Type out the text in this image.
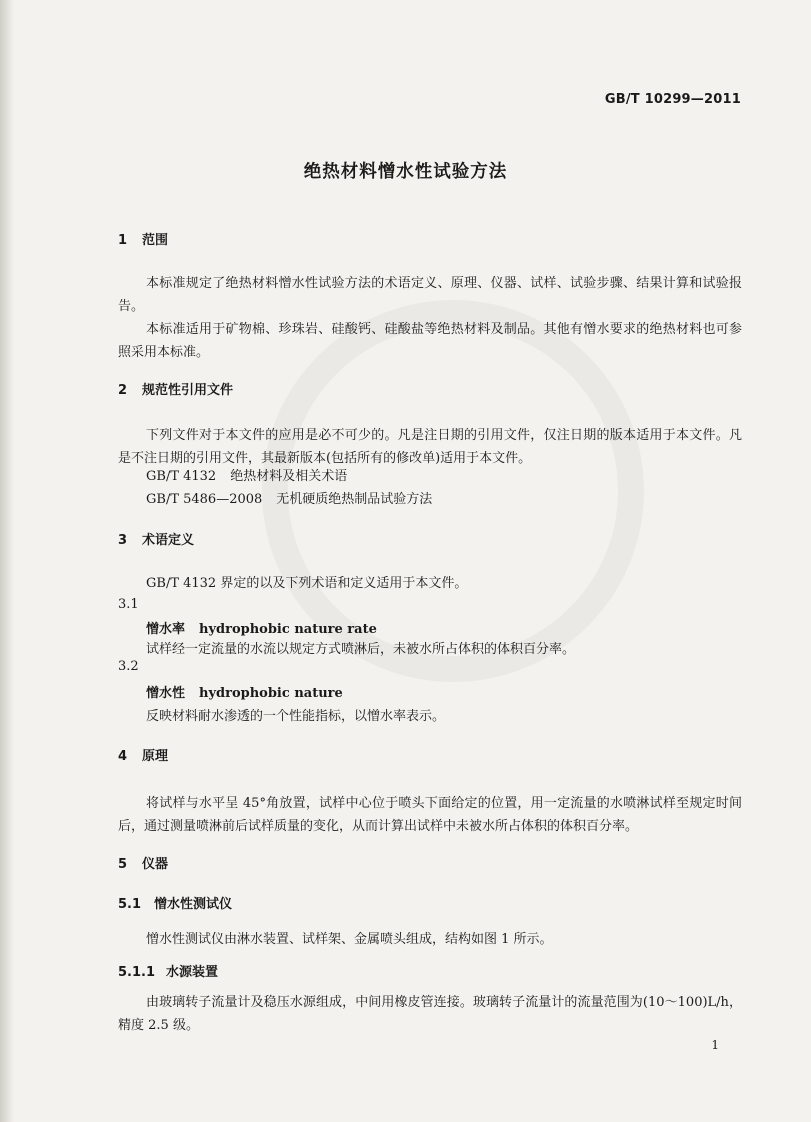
GB/T 10299—2011
绝热材料憎水性试验方法
1 范围
本标准规定了绝热材料憎水性试验方法的术语定义、原理、仪器、试样、试验步骤、结果计算和试验报告。
本标准适用于矿物棉、珍珠岩、硅酸钙、硅酸盐等绝热材料及制品。其他有憎水要求的绝热材料也可参照采用本标准。
2 规范性引用文件
下列文件对于本文件的应用是必不可少的。凡是注日期的引用文件，仅注日期的版本适用于本文件。凡是不注日期的引用文件，其最新版本(包括所有的修改单)适用于本文件。
GB/T 4132 绝热材料及相关术语
GB/T 5486—2008 无机硬质绝热制品试验方法
3 术语定义
GB/T 4132 界定的以及下列术语和定义适用于本文件。
3.1
憎水率 hydrophobic nature rate
试样经一定流量的水流以规定方式喷淋后，未被水所占体积的体积百分率。
3.2
憎水性 hydrophobic nature
反映材料耐水渗透的一个性能指标，以憎水率表示。
4 原理
将试样与水平呈 45°角放置，试样中心位于喷头下面给定的位置，用一定流量的水喷淋试样至规定时间后，通过测量喷淋前后试样质量的变化，从而计算出试样中未被水所占体积的体积百分率。
5 仪器
5.1 憎水性测试仪
憎水性测试仪由淋水装置、试样架、金属喷头组成，结构如图 1 所示。
5.1.1 水源装置
由玻璃转子流量计及稳压水源组成，中间用橡皮管连接。玻璃转子流量计的流量范围为(10～100)L/h，精度 2.5 级。
1
